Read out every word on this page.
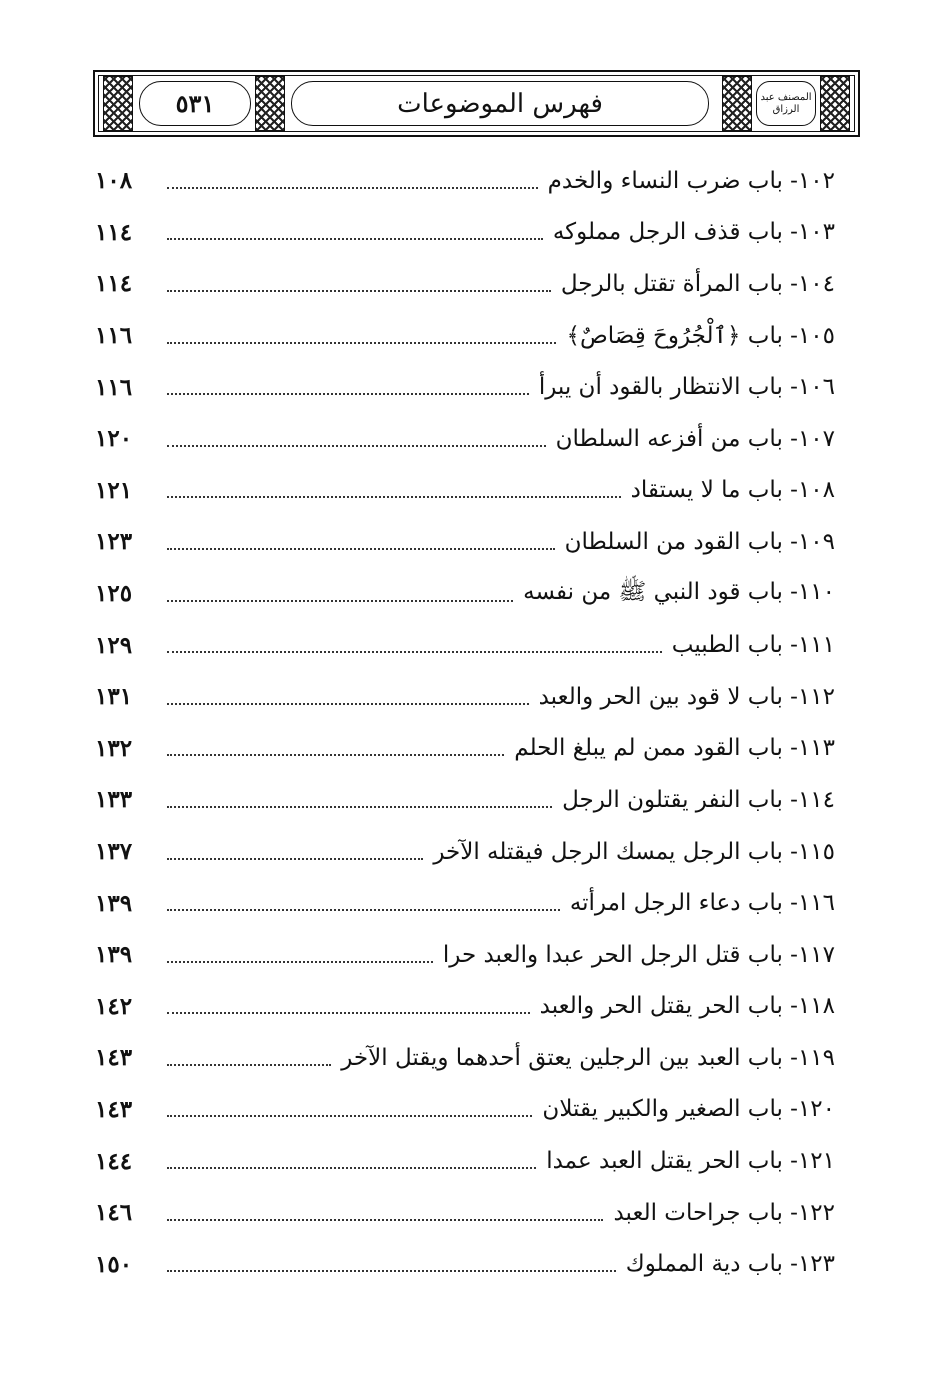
٥٣١	فهرس الموضوعات	المصنف عبد الرزاق
١٠٢- باب ضرب النساء والخدم
١٠٨
١٠٣- باب قذف الرجل مملوكه
١١٤
١٠٤- باب المرأة تقتل بالرجل
١١٤
١٠٥- باب ﴿ٱلْجُرُوحَ قِصَاصٌ﴾
١١٦
١٠٦- باب الانتظار بالقود أن يبرأ
١١٦
١٠٧- باب من أفزعه السلطان
١٢٠
١٠٨- باب ما لا يستقاد
١٢١
١٠٩- باب القود من السلطان
١٢٣
١١٠- باب قود النبي ﷺ من نفسه
١٢٥
١١١- باب الطبيب
١٢٩
١١٢- باب لا قود بين الحر والعبد
١٣١
١١٣- باب القود ممن لم يبلغ الحلم
١٣٢
١١٤- باب النفر يقتلون الرجل
١٣٣
١١٥- باب الرجل يمسك الرجل فيقتله الآخر
١٣٧
١١٦- باب دعاء الرجل امرأته
١٣٩
١١٧- باب قتل الرجل الحر عبدا والعبد حرا
١٣٩
١١٨- باب الحر يقتل الحر والعبد
١٤٢
١١٩- باب العبد بين الرجلين يعتق أحدهما ويقتل الآخر
١٤٣
١٢٠- باب الصغير والكبير يقتلان
١٤٣
١٢١- باب الحر يقتل العبد عمدا
١٤٤
١٢٢- باب جراحات العبد
١٤٦
١٢٣- باب دية المملوك
١٥٠
